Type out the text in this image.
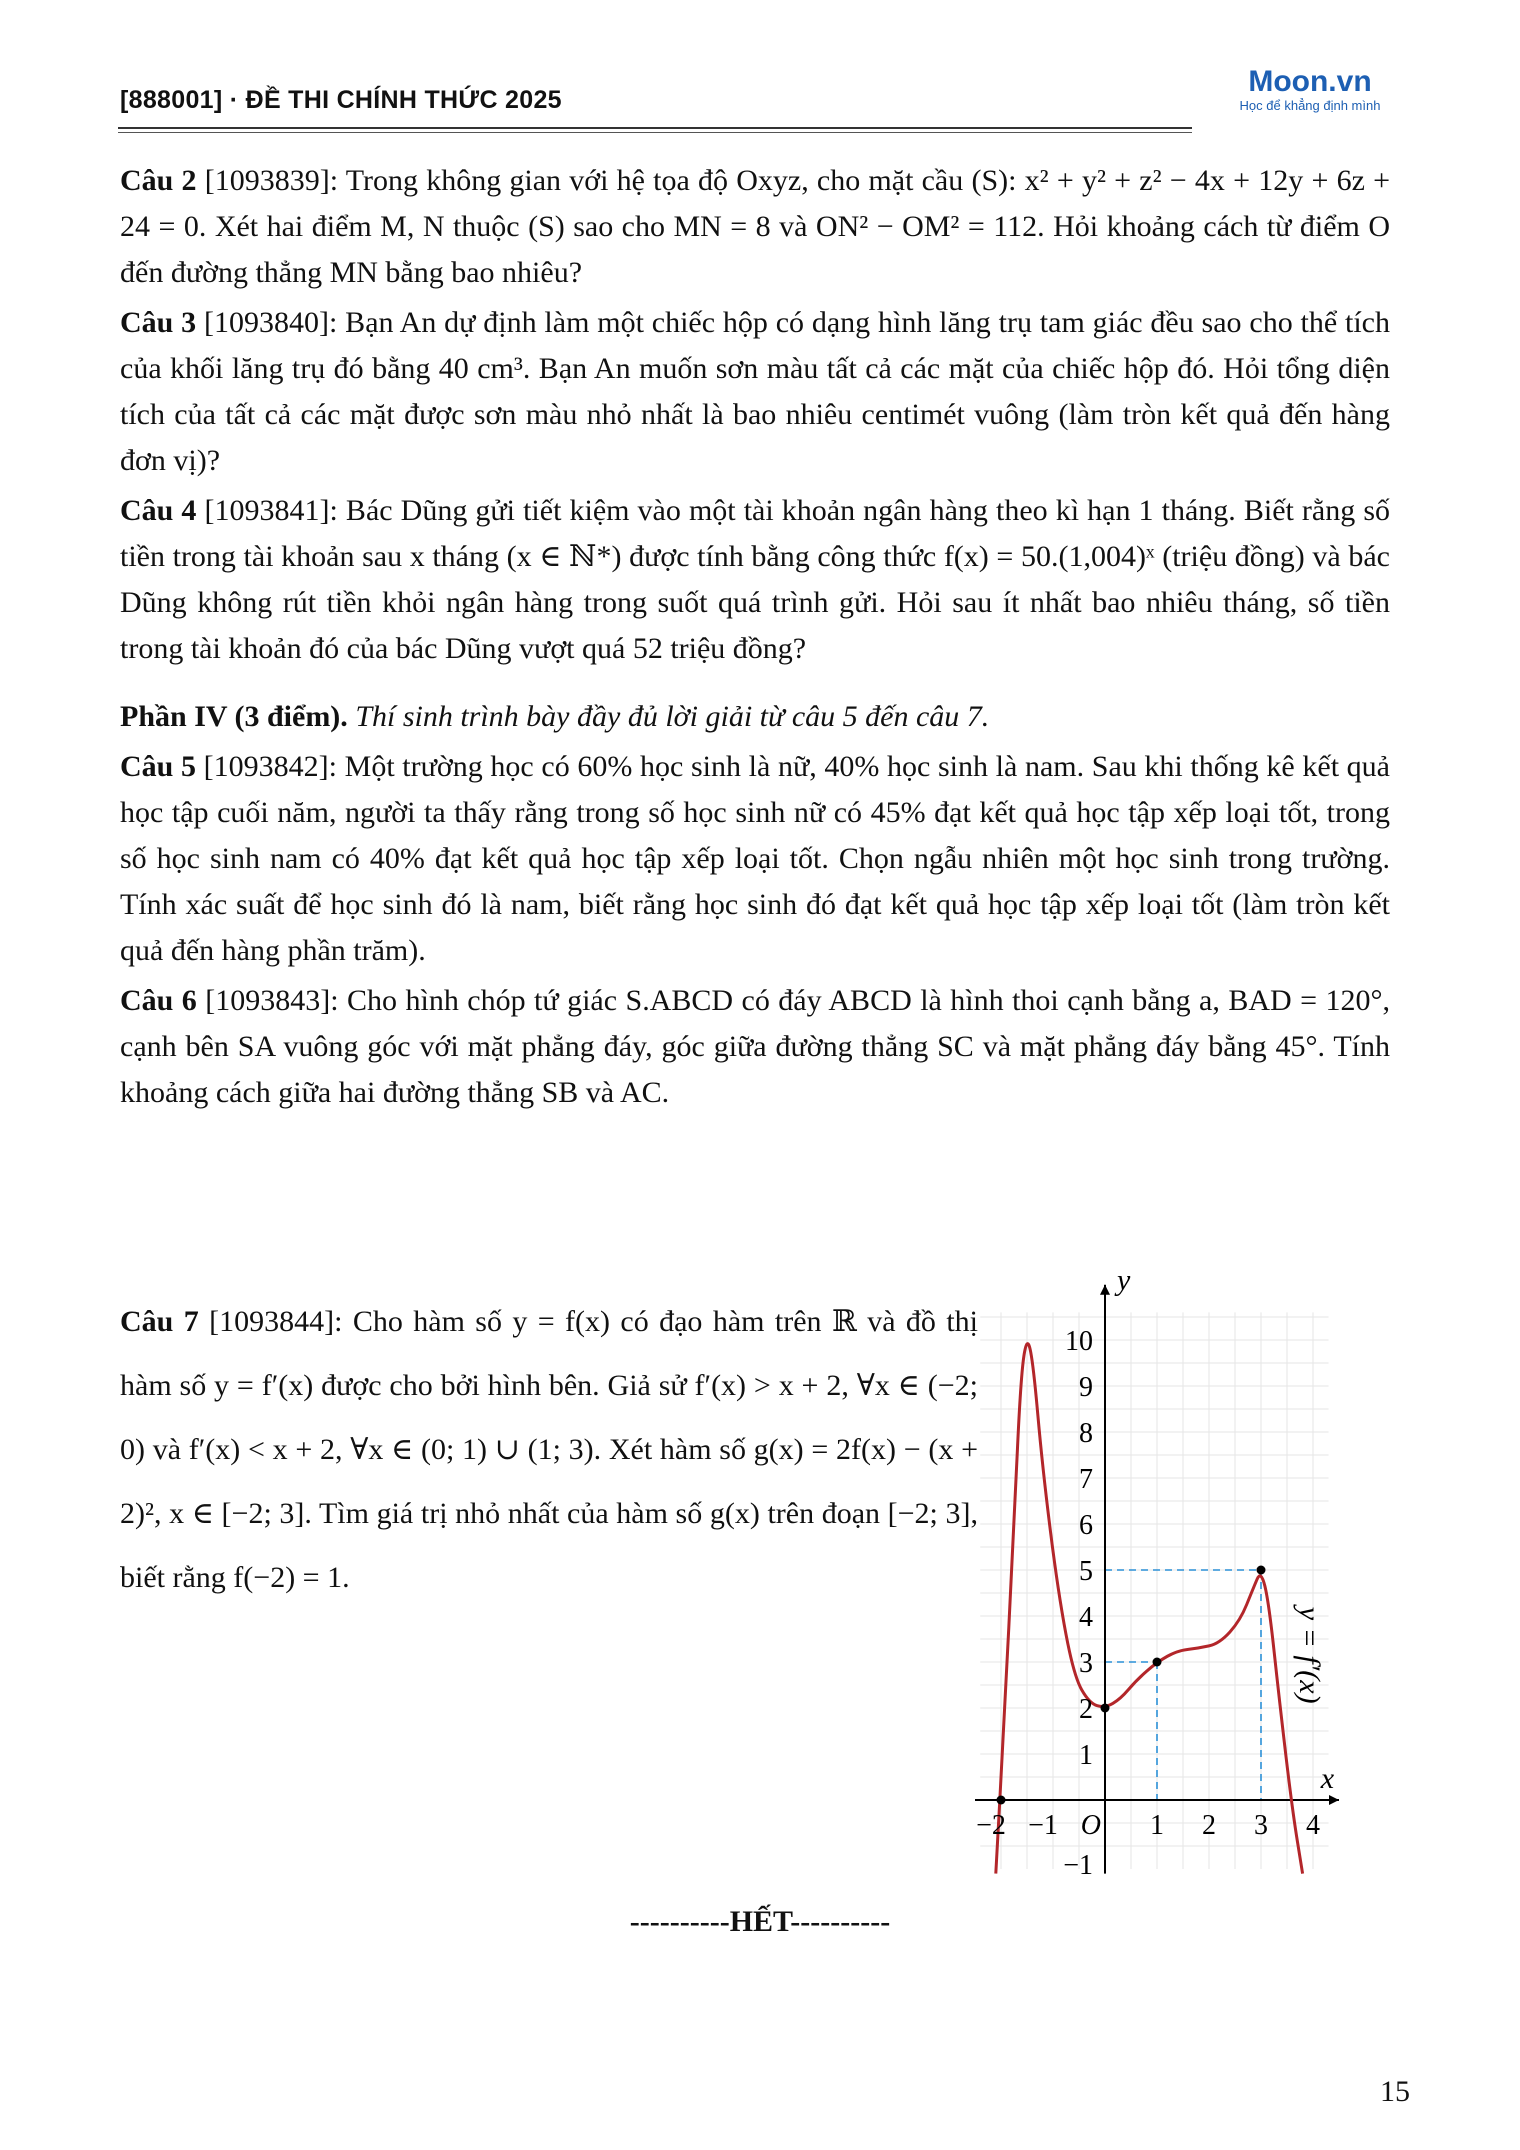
[888001] · ĐỀ THI CHÍNH THỨC 2025
Moon.vn
Học để khẳng định mình

Câu 2 [1093839]: Trong không gian với hệ tọa độ Oxyz, cho mặt cầu (S): x² + y² + z² − 4x + 12y + 6z + 24 = 0. Xét hai điểm M, N thuộc (S) sao cho MN = 8 và ON² − OM² = 112. Hỏi khoảng cách từ điểm O đến đường thẳng MN bằng bao nhiêu?

Câu 3 [1093840]: Bạn An dự định làm một chiếc hộp có dạng hình lăng trụ tam giác đều sao cho thể tích của khối lăng trụ đó bằng 40 cm³. Bạn An muốn sơn màu tất cả các mặt của chiếc hộp đó. Hỏi tổng diện tích của tất cả các mặt được sơn màu nhỏ nhất là bao nhiêu centimét vuông (làm tròn kết quả đến hàng đơn vị)?

Câu 4 [1093841]: Bác Dũng gửi tiết kiệm vào một tài khoản ngân hàng theo kì hạn 1 tháng. Biết rằng số tiền trong tài khoản sau x tháng (x ∈ ℕ*) được tính bằng công thức f(x) = 50.(1,004)ˣ (triệu đồng) và bác Dũng không rút tiền khỏi ngân hàng trong suốt quá trình gửi. Hỏi sau ít nhất bao nhiêu tháng, số tiền trong tài khoản đó của bác Dũng vượt quá 52 triệu đồng?

Phần IV (3 điểm). Thí sinh trình bày đầy đủ lời giải từ câu 5 đến câu 7.

Câu 5 [1093842]: Một trường học có 60% học sinh là nữ, 40% học sinh là nam. Sau khi thống kê kết quả học tập cuối năm, người ta thấy rằng trong số học sinh nữ có 45% đạt kết quả học tập xếp loại tốt, trong số học sinh nam có 40% đạt kết quả học tập xếp loại tốt. Chọn ngẫu nhiên một học sinh trong trường. Tính xác suất để học sinh đó là nam, biết rằng học sinh đó đạt kết quả học tập xếp loại tốt (làm tròn kết quả đến hàng phần trăm).

Câu 6 [1093843]: Cho hình chóp tứ giác S.ABCD có đáy ABCD là hình thoi cạnh bằng a, BAD = 120°, cạnh bên SA vuông góc với mặt phẳng đáy, góc giữa đường thẳng SC và mặt phẳng đáy bằng 45°. Tính khoảng cách giữa hai đường thẳng SB và AC.

Câu 7 [1093844]: Cho hàm số y = f(x) có đạo hàm trên ℝ và đồ thị hàm số y = f′(x) được cho bởi hình bên. Giả sử f′(x) > x + 2, ∀x ∈ (−2; 0) và f′(x) < x + 2, ∀x ∈ (0; 1) ∪ (1; 3). Xét hàm số g(x) = 2f(x) − (x + 2)², x ∈ [−2; 3]. Tìm giá trị nhỏ nhất của hàm số g(x) trên đoạn [−2; 3], biết rằng f(−2) = 1.
−2 −1	1 2 3 4
10
9
8
7
6
5
4
3
2
1
−1
y
x
O
y = f′(x)
----------HẾT----------
15
